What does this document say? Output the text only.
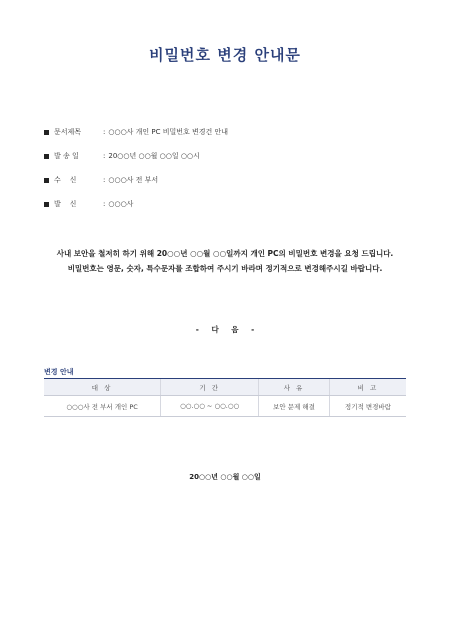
비밀번호 변경 안내문
문서제목	: ○○○사 개인 PC 비밀번호 변경건 안내
발 송 일	: 20○○년 ○○월 ○○일 ○○시
수    신	: ○○○사 전 부서
발    신	: ○○○사
사내 보안을 철저히 하기 위해 20○○년 ○○월 ○○일까지 개인 PC의 비밀번호 변경을 요청 드립니다.
비밀번호는 영문, 숫자, 특수문자를 조합하여 주시기 바라며 정기적으로 변경해주시길 바랍니다.
- 다 음 -
변경 안내
대 상	기 간	사 유	비 고
○○○사 전 부서 개인 PC	○○.○○ ~ ○○.○○	보안 문제 해결	정기적 변경바람
20○○년 ○○월 ○○일
